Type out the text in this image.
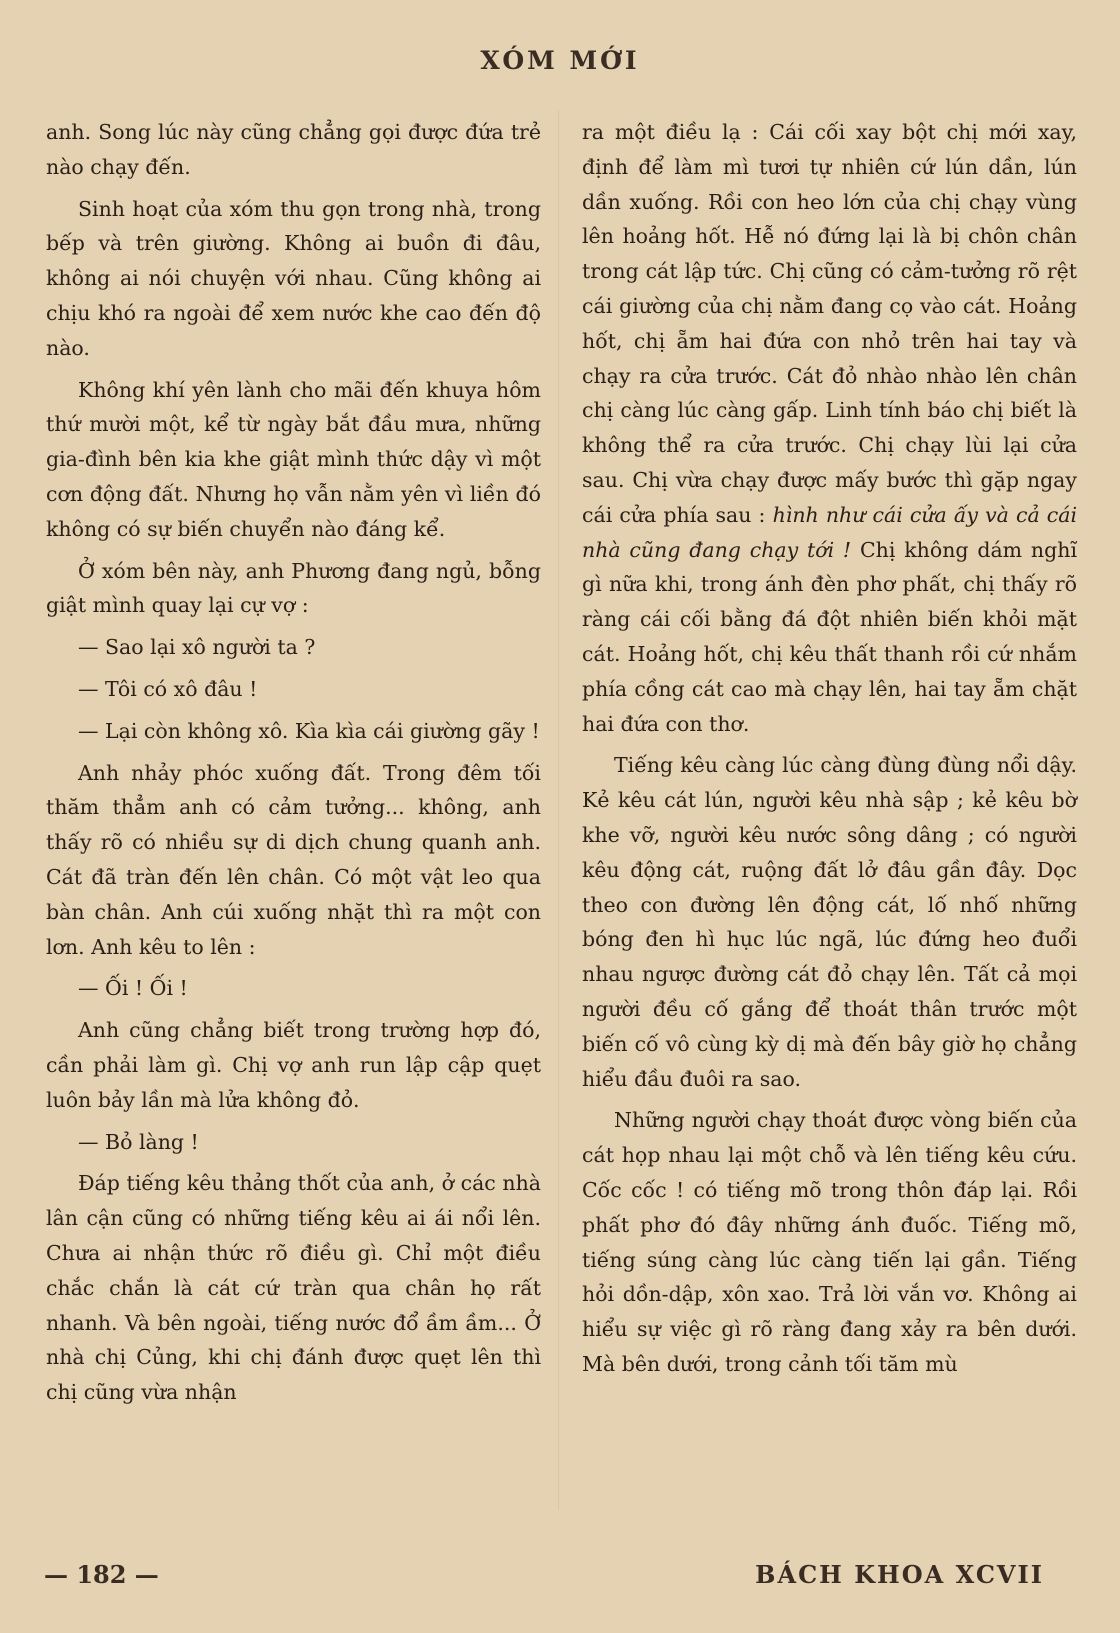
XÓM MỚI

anh. Song lúc này cũng chẳng gọi được đứa trẻ nào chạy đến.

Sinh hoạt của xóm thu gọn trong nhà, trong bếp và trên giường. Không ai buồn đi đâu, không ai nói chuyện với nhau. Cũng không ai chịu khó ra ngoài để xem nước khe cao đến độ nào.

Không khí yên lành cho mãi đến khuya hôm thứ mười một, kể từ ngày bắt đầu mưa, những gia-đình bên kia khe giật mình thức dậy vì một cơn động đất. Nhưng họ vẫn nằm yên vì liền đó không có sự biến chuyển nào đáng kể.

Ở xóm bên này, anh Phương đang ngủ, bỗng giật mình quay lại cự vợ :

— Sao lại xô người ta ?

— Tôi có xô đâu !

— Lại còn không xô. Kìa kìa cái giường gãy !

Anh nhảy phóc xuống đất. Trong đêm tối thăm thẳm anh có cảm tưởng... không, anh thấy rõ có nhiều sự di dịch chung quanh anh. Cát đã tràn đến lên chân. Có một vật leo qua bàn chân. Anh cúi xuống nhặt thì ra một con lơn. Anh kêu to lên :

— Ối ! Ối !

Anh cũng chẳng biết trong trường hợp đó, cần phải làm gì. Chị vợ anh run lập cập quẹt luôn bảy lần mà lửa không đỏ.

— Bỏ làng !

Đáp tiếng kêu thảng thốt của anh, ở các nhà lân cận cũng có những tiếng kêu ai ái nổi lên. Chưa ai nhận thức rõ điều gì. Chỉ một điều chắc chắn là cát cứ tràn qua chân họ rất nhanh. Và bên ngoài, tiếng nước đổ ầm ầm... Ở nhà chị Củng, khi chị đánh được quẹt lên thì chị cũng vừa nhận

ra một điều lạ : Cái cối xay bột chị mới xay, định để làm mì tươi tự nhiên cứ lún dần, lún dần xuống. Rồi con heo lớn của chị chạy vùng lên hoảng hốt. Hễ nó đứng lại là bị chôn chân trong cát lập tức. Chị cũng có cảm-tưởng rõ rệt cái giường của chị nằm đang cọ vào cát. Hoảng hốt, chị ẵm hai đứa con nhỏ trên hai tay và chạy ra cửa trước. Cát đỏ nhào nhào lên chân chị càng lúc càng gấp. Linh tính báo chị biết là không thể ra cửa trước. Chị chạy lùi lại cửa sau. Chị vừa chạy được mấy bước thì gặp ngay cái cửa phía sau : hình như cái cửa ấy và cả cái nhà cũng đang chạy tới ! Chị không dám nghĩ gì nữa khi, trong ánh đèn phơ phất, chị thấy rõ ràng cái cối bằng đá đột nhiên biến khỏi mặt cát. Hoảng hốt, chị kêu thất thanh rồi cứ nhắm phía cồng cát cao mà chạy lên, hai tay ẵm chặt hai đứa con thơ.

Tiếng kêu càng lúc càng đùng đùng nổi dậy. Kẻ kêu cát lún, người kêu nhà sập ; kẻ kêu bờ khe vỡ, người kêu nước sông dâng ; có người kêu động cát, ruộng đất lở đâu gần đây. Dọc theo con đường lên động cát, lố nhố những bóng đen hì hục lúc ngã, lúc đứng heo đuổi nhau ngược đường cát đỏ chạy lên. Tất cả mọi người đều cố gắng để thoát thân trước một biến cố vô cùng kỳ dị mà đến bây giờ họ chẳng hiểu đầu đuôi ra sao.

Những người chạy thoát được vòng biến của cát họp nhau lại một chỗ và lên tiếng kêu cứu. Cốc cốc ! có tiếng mõ trong thôn đáp lại. Rồi phất phơ đó đây những ánh đuốc. Tiếng mõ, tiếng súng càng lúc càng tiến lại gần. Tiếng hỏi dồn-dập, xôn xao. Trả lời vắn vơ. Không ai hiểu sự việc gì rõ ràng đang xảy ra bên dưới. Mà bên dưới, trong cảnh tối tăm mù

— 182 —	BÁCH KHOA XCVII
